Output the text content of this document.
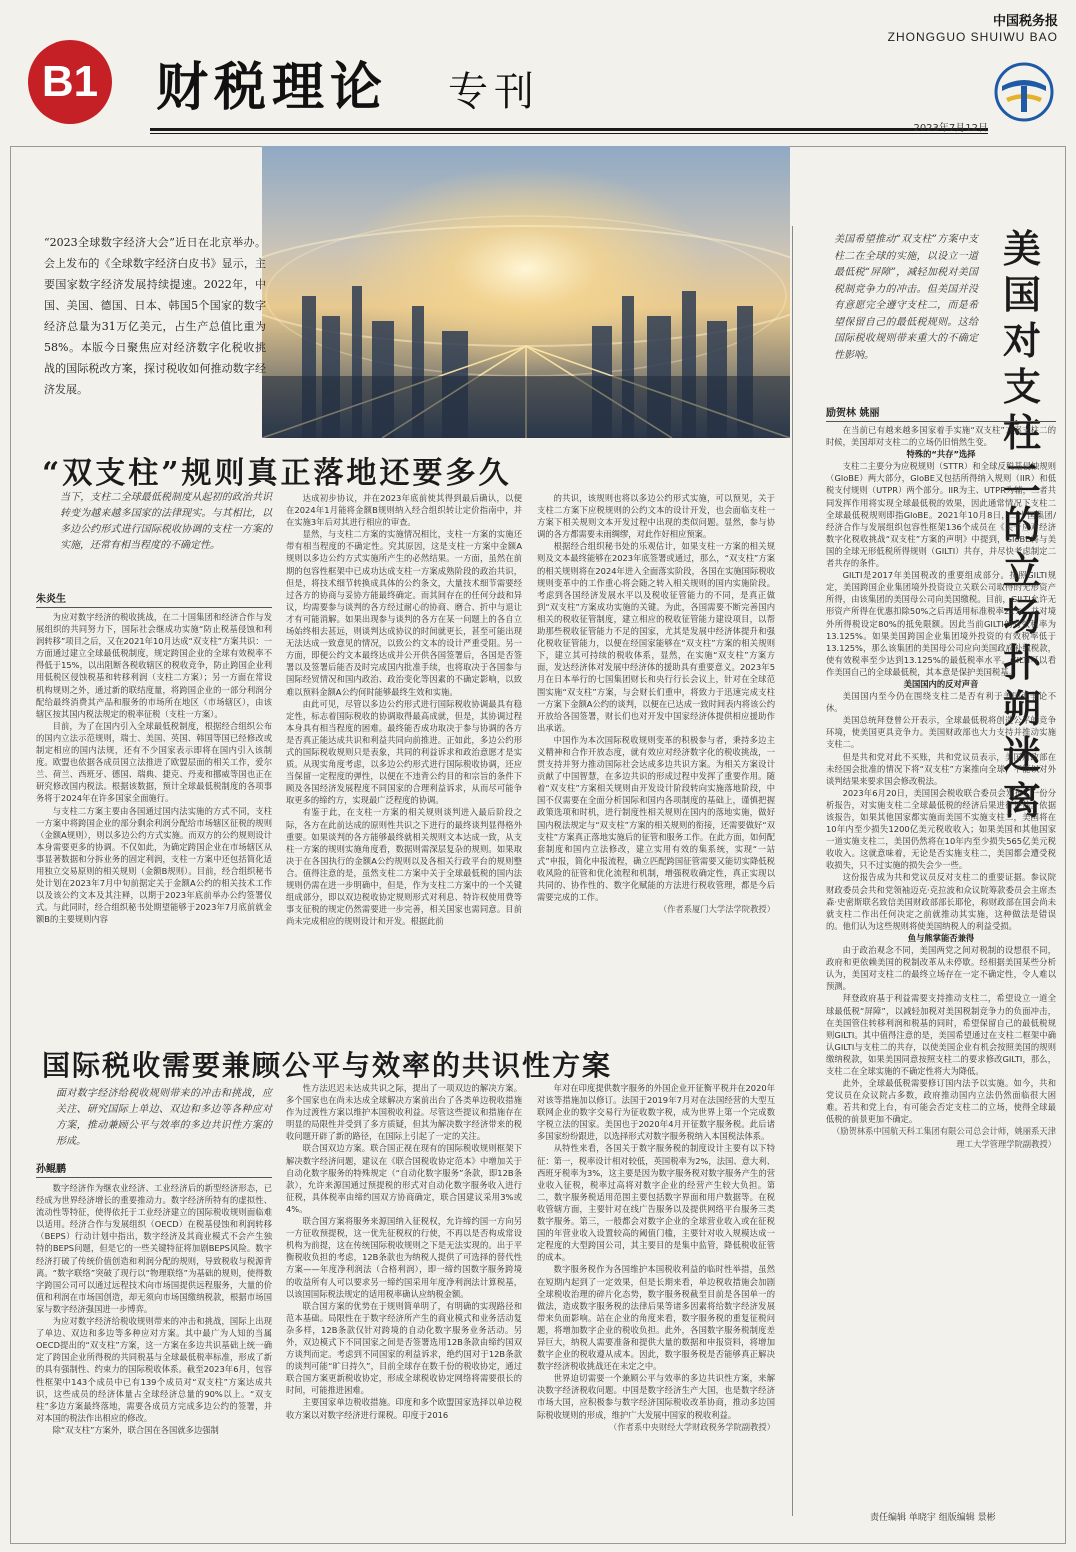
B1 财税理论 专刊
中国税务报
ZHONGGUO SHUIWU BAO
2023年7月12日
“2023全球数字经济大会”近日在北京举办。会上发布的《全球数字经济白皮书》显示，主要国家数字经济发展持续提速。2022年，中国、美国、德国、日本、韩国5个国家的数字经济总量为31万亿美元，占生产总值比重为58%。本版今日聚焦应对经济数字化税收挑战的国际税改方案，探讨税收如何推动数字经济发展。
“双支柱”规则真正落地还要多久
当下，支柱二全球最低税制度从起初的政治共识转变为越来越多国家的法律现实。与其相比，以多边公约形式进行国际税收协调的支柱一方案的实施，还常有相当程度的不确定性。
朱炎生

为应对数字经济的税收挑战，在二十国集团和经济合作与发展组织的共同努力下，国际社会继成功实施“防止税基侵蚀和利润转移”项目之后，又在2021年10月达成“双支柱”方案共识：一方面通过建立全球最低税制度，规定跨国企业的全球有效税率不得低于15%，以出阻断各税收辖区的税收竞争，防止跨国企业利用低税区侵蚀税基和转移利润（支柱二方案）；另一方面在常设机构规则之外，通过新的联结度量，将跨国企业的一部分利润分配给最终消费其产品和服务的市场所在地区（市场辖区），由该辖区按其国内税法规定的税率征税（支柱一方案）。

目前，为了在国内引入全球最低税制度，根据经合组织公布的国内立法示范规则，瑞士、美国、英国、韩国等国已经修改或制定相应的国内法规，还有不少国家表示即将在国内引入该制度。欧盟也依据各成员国立法推进了欧盟层面的相关工作，爱尔兰、荷兰、西班牙、德国、瑞典、捷克、丹麦和挪威等国也正在研究修改国内税法。根据该数据，预计全球最低税制度的各项事务将于2024年在许多国家全面施行。

与支柱二方案主要由各国通过国内法实施的方式不同，支柱一方案中将跨国企业的部分剩余利润分配给市场辖区征税的规则（金额A规则），则以多边公约方式实施。而双方的公约规则设计本身需要更多的协调。不仅如此，为确定跨国企业在市场辖区从事显著数据和分拆业务的固定利润，支柱一方案中还包括简化适用独立交易原则的相关规则（金额B规则）。目前，经合组织秘书处计划在2023年7月中旬前据定关于金额A公约的相关技术工作以及该公约文本及其注释，以期于2023年底前举办公约签署仪式。与此同时，经合组织秘书处期望能够于2023年7月底前就金额B的主要规则内容

达成初步协议，并在2023年底前使其得到最后确认，以便在2024年1月能将金额B规则纳入经合组织转让定价指南中，并在实施3年后对其进行相应的审查。

显然，与支柱二方案的实施情况相比，支柱一方案的实施还带有相当程度的不确定性。究其原因，这是支柱一方案中金额A规则以多边公约方式实施所产生的必然结果。一方面，虽然在前期的包容性框架中已成功达成支柱一方案成熟阶段的政治共识，但是，将技术细节转换成具体的公约条文，大量技术细节需要经过各方的协商与妥协方能最终确定。而其间存在的任何分歧和异议，均需要参与谈判的各方经过耐心的协商、磨合、折中与退让才有可能消解。如果出现参与谈判的各方在某一问题上的各自立场始终相去甚远，则谈判达成协议的时间就更长，甚至可能出现无法达成一致意见的情况，以致公约文本的设计严重受阻。另一方面，即便公约文本最终达成并公开供各国签署后，各国是否签署以及签署后能否及时完成国内批准手续，也将取决于各国参与国际经贸情况和国内政治、政治变化等因素的不确定影响，以致难以预料金额A公约何时能够最终生效和实施。

由此可见，尽管以多边公约形式进行国际税收协调最具有稳定性，标志着国际税收的协调取得最高成就，但是，其协调过程本身具有相当程度的困难。最终能否成功取决于参与协调的各方是否真正能达成共识和利益共同向前推进。正如此，多边公约形式的国际税收规则只是表象，共同的利益诉求和政治意愿才是实质。从现实角度考虑，以多边公约形式进行国际税收协调，还应当保留一定程度的弹性，以便在不违背公约目的和宗旨的条件下顾及各国经济发展程度不同国家的合理利益诉求，从而尽可能争取更多的缔约方，实现最广泛程度的协调。

有鉴于此，在支柱一方案的相关规则谈判进入最后阶段之际，各方在此前达成的原则性共识之下进行的最终谈判显得格外重要。如果谈判的各方能够最终就相关规则文本达成一致，从支柱一方案的规则实施角度看，数据则需深层复杂的规则。如果取决于在各国执行的金额A公约规则以及各相关行政平台的规则整合。值得注意的是，虽然支柱二方案中关于全球最低税的国内法规则仍需在进一步明确中，但是，作为支柱二方案中的一个关键组成部分，即以双边税收协定规则形式对利息、特许权使用费等事支征税的规定仍然需要进一步完善，相关国家也需同意。目前尚未完成相应的规则设计和开发。根据此前

的共识，该规则也将以多边公约形式实施，可以预见，关于支柱二方案下应税规则的公约文本的设计开发，也会面临支柱一方案下相关规则文本开发过程中出现的类似问题。显然，参与协调的各方都需要未雨绸缪，对此作好相应预案。

根据经合组织秘书处的乐观估计，如果支柱一方案的相关规则及文本最终能够在2023年底签署或通过，那么，“双支柱”方案的相关规则将在2024年进入全面落实阶段，各国在实施国际税收规则变革中的工作重心将会随之转入相关规则的国内实施阶段。考虑到各国经济发展水平以及税收征管能力的不同，是真正做到“双支柱”方案成功实施的关键。为此，各国需要不断完善国内相关的税收征管制度，建立相应的税收征管能力建设项目，以帮助那些税收征管能力不足的国家，尤其是发展中经济体提升和强化税收征管能力，以便在经国家能够在“双支柱”方案的相关规则下，建立其可持续的税收体系，显然，在实施“双支柱”方案方面，发达经济体对发展中经济体的援助具有重要意义。2023年5月在日本举行的七国集团财长和央行行长会议上，针对在全球范围实施“双支柱”方案，与会财长们重申，将致力于迅速完成支柱一方案下金额A公约的谈判，以便在已达成一致时间表内将该公约开放给各国签署，财长们也对开发中国家经济体提供相应援助作出承诺。

中国作为本次国际税收规则变革的积极参与者，秉持多边主义精神和合作开放态度，就有效应对经济数字化的税收挑战，一贯支持并努力推动国际社会达成多边共识方案。为相关方案设计贡献了中国智慧，在多边共识的形成过程中发挥了重要作用。随着“双支柱”方案相关规则由开发设计阶段转向实施落地阶段，中国不仅需要在全面分析国际和国内各项制度的基础上，谨慎把握政策选项和时机，进行制度性相关规则在国内的落地实施，做好国内税法规定与“双支柱”方案的相关规则的衔接，还需要做好“双支柱”方案真正落地实施后的征管和服务工作。在此方面，如何配套制度和国内立法修改，建立实用有效的集系统，实现“一站式”申报，简化申报流程，确立匹配跨国征管需要又能切实降低税收风险的征管和优化流程和机制，增强税收确定性，真正实现以共同的、协作性的、数字化赋能的方法进行税收管理，都是今后需要完成的工作。

（作者系厦门大学法学院教授）

国际税收需要兼顾公平与效率的共识性方案
面对数字经济给税收规则带来的冲击和挑战，应关注、研究国际上单边、双边和多边等各种应对方案，推动兼顾公平与效率的多边共识性方案的形成。
孙鲲鹏

数字经济作为继农业经济、工业经济后的新型经济形态，已经成为世界经济增长的重要推动力。数字经济所特有的虚拟性、流动性等特征，使得依托于工业经济建立的国际税收规则面临难以适用。经济合作与发展组织（OECD）在税基侵蚀和利润转移（BEPS）行动计划中指出，数字经济及其商业模式不会产生独特的BEPS问题，但是它的一些关键特征将加剧BEPS风险。数字经济打破了传统价值创造和利润分配的规则，导致税收与税源背离。“数字联络”突破了现行以“物理联络”为基础的规则，使得数字跨国公司可以通过远程技术向市场国提供远程服务，大量的价值和利润在市场国创造，却无须向市场国缴纳税款，根据市场国家与数字经济强国进一步博弈。

为应对数字经济给税收规则带来的冲击和挑战，国际上出现了单边、双边和多边等多种应对方案。其中最广为人知的当属OECD提出的“双支柱”方案，这一方案在多边共识基础上统一确定了跨国企业所得税的共同税基与全球最低税率标准，形成了新的具有强制性、约束力的国际税收体系。截至2023年6月，包容性框架中143个成员中已有139个成员对“双支柱”方案达成共识，这些成员的经济体量占全球经济总量的90%以上。“双支柱”多边方案最终落地，需要各成员方完成多边公约的签署，并对本国的税法作出相应的修改。

除“双支柱”方案外，联合国在各国就多边强制

性方法迟迟未达成共识之际，提出了一项双边的解决方案。多个国家也在尚未达成全球解决方案前出台了各类单边税收措施作为过渡性方案以维护本国税收利益。尽管这些提议和措施存在明显的局限性并受到了多方质疑，但其为解决数字经济带来的税收问题开辟了新的路径，在国际上引起了一定的关注。

联合国双边方案。联合国正视在现有的国际税收规则框架下解决数字经济问题，建议在《联合国税收协定范本》中增加关于自动化数字服务的特殊规定（“自动化数字服务”条款，即12B条款），允许来源国通过预提税的形式对自动化数字服务收入进行征税，具体税率由缔约国双方协商确定，联合国建议采用3%或4%。

联合国方案将服务来源国纳入征税权，允许缔约国一方向另一方征收预提税，这一优先征税权的行使，不再以是否构成常设机构为前提，这在传统国际税收规则之下是无法实现的。出于平衡税收负担的考虑，12B条款也为纳税人提供了可选择的替代性方案——年度净利润法（合格利润），即一缔约国数字服务跨境的收益所有人可以要求另一缔约国采用年度净利润法计算税基，以该国国际税法规定的适用税率确认应纳税金额。

联合国方案的优势在于规则简单明了，有明确的实现路径和范本基础。局限性在于数字经济所产生的商业模式和业务活动复杂多样，12B条款仅针对跨境的自动化数字服务业务活动。另外，双边模式下不同国家之间是否签署选用12B条款由缔约国双方谈判而定。考虑到不同国家的利益诉求，绝约国对于12B条款的谈判可能“旷日持久”，目前全球存在数千份的税收协定，通过联合国方案更新税收协定，形成全球税收协定网络将需要很长的时间，可能推进困难。

主要国家单边税收措施。印度和多个欧盟国家选择以单边税收方案以对数字经济进行课税。印度于2016

年对在印度提供数字服务的外国企业开征衡平税并在2020年对该等措施加以修订。法国于2019年7月对在法国经营的大型互联网企业的数字交易行为征收数字税，成为世界上第一个完成数字税立法的国家。美国也于2020年4月开征数字服务税。此后诸多国家纷纷跟进，以选择形式对数字服务税纳入本国税法体系。

从特性来看，各国关于数字服务税的制度设计主要有以下特征：第一，税率设计相对较低，英国税率为2%，法国、意大利、西班牙税率为3%，这主要是因为数字服务税对数字服务产生的营业收入征税，税率过高将对数字企业的经营产生较大负担。第二，数字服务税适用范围主要包括数字界面和用户数据等。在税收管辖方面，主要针对在线广告服务以及提供网络平台服务三类数字服务。第三，一般都会对数字企业的全球营业收入或在征税国的年营业收入设置较高的阈值门槛，主要针对收入规模达成一定程度的大型跨国公司，其主要目的是集中监管，降低税收征管的成本。

数字服务税作为各国维护本国税收利益的临时性举措，虽然在短期内起到了一定效果，但是长期来看，单边税收措施会加剧全球税收治理的碎片化态势，数字服务税截至目前是各国单一的做法，造成数字服务税的法律后果等诸多因素将给数字经济发展带来负面影响。站在企业的角度来看，数字服务税的重复征税问题，将增加数字企业的税收负担。此外，各国数字服务税制度差异巨大，纳税人需要准备和提供大量的数据和申报资料，将增加数字企业的税收遵从成本。因此，数字服务税是否能够真正解决数字经济税收挑战还在未定之中。

世界迫切需要一个兼顾公平与效率的多边共识性方案，来解决数字经济税收问题。中国是数字经济生产大国，也是数字经济市场大国，应积极参与数字经济国际税收改革协商，推动多边国际税收规则的形成，维护广大发展中国家的税收利益。

（作者系中央财经大学财政税务学院副教授）

美国希望推动“双支柱”方案中支柱二在全球的实施，以设立一道最低税“屏障”，减轻加税对美国税制竞争力的冲击。但美国并没有意愿完全遵守支柱二，而是希望保留自己的最低税规则。这给国际税收规则带来重大的不确定性影响。
美国对支柱二的立场扑朔迷离
励贺林 姚丽

在当前已有越来越多国家着手实施“双支柱”方案支柱二的时候，美国却对支柱二的立场仍旧悄然生变。

特殊的“共存”选择

支柱二主要分为应税规则（STTR）和全球反税基侵蚀规则（GloBE）两大部分，GloBE又包括所得纳入规则（IIR）和低税支付规则（UTPR）两个部分。IIR为主、UTPR为辅，二者共同发挥作用将实现全球最低税的效果，因此通常情况下支柱二全球最低税规则即指GloBE。2021年10月8日，二十国集团/经济合作与发展组织包容性框架136个成员在《关于应对经济数字化税收挑战“双支柱”方案的声明》中提到，GloBE将与美国的全球无形低税所得规则（GILTI）共存，并尽快考虑制定二者共存的条件。

GILTI是2017年美国税改的重要组成部分。按照GILTI规定，美国跨国企业集团境外投资设立关联公司取得的无形资产所得，由该集团的美国母公司向美国缴税。目前，GILTI允许无形资产所得在优惠扣除50%之后再适用标准税率21%，并对境外所得税设定80%的抵免限额。因此当前GILTI的有效税率为13.125%。如果美国跨国企业集团境外投资的有效税率低于13.125%，那么该集团的美国母公司应向美国政府补缴税款，使有效税率至少达到13.125%的最低税率水平。GILTI可以看作美国自己的全球最低税，其本意是保护美国税基。

美国国内的反对声音

美国国内至今仍在围绕支柱二是否有利于美国而争论不休。

美国总统拜登曾公开表示，全球最低税将创造公平的竞争环境，使美国更具竞争力。美国财政部也大力支持并推动实施支柱二。

但是共和党对此不买账，共和党议员表示，美国财政部在未经国会批准的情况下将“双支柱”方案推向全球，不能以对外谈判结果来要求国会修改税法。

2023年6月20日，美国国会税收联合委员会发布了一份分析报告，对实施支柱二全球最低税的经济后果进行评估。依据该报告，如果其他国家都实施而美国不实施支柱二，美国将在10年内至少损失1200亿美元税收收入；如果美国和其他国家一道实施支柱二，美国仍然将在10年内至少损失565亿美元税收收入。这就意味着，无论是否实施支柱二，美国都会遭受税收损失，只不过实施的损失会少一些。

这份报告成为共和党议员反对支柱二的重要证据。参议院财政委员会共和党领袖迈克·克拉波和众议院筹款委员会主席杰森·史密斯联名致信美国财政部部长耶伦，称财政部在国会尚未就支柱二作出任何决定之前就推动其实施，这种做法是错误的。他们认为这些规则将使美国纳税人的利益受损。

鱼与熊掌能否兼得

由于政治观念不同，美国两党之间对税制的设想很不同，政府和更依赖美国的税制改革从未停歇。经相据美国某些分析认为，美国对支柱二的最终立场存在一定不确定性，令人难以预测。

拜登政府基于利益需要支持推动支柱二，希望设立一道全球最低税“屏障”，以减轻加税对美国税制竞争力的负面冲击，在美国管住转移利润和税基的同时，希望保留自己的最低税规则GILTI。其中值得注意的是，美国希望通过在支柱二框架中确认GILTI与支柱二的共存，以使美国企业有机会按照美国的规则缴纳税款，如果美国同意按照支柱二的要求修改GILTI，那么，支柱二在全球实施的不确定性将大为降低。

此外，全球最低税需要修订国内法予以实施。如今，共和党议员在众议院占多数，政府推动国内立法仍然面临很大困难。若共和党上台，有可能会否定支柱二的立场，使得全球最低税的前景更加不确定。

（励贺林系中国航天科工集团有限公司总会计师，姚丽系天津理工大学管理学院副教授）

责任编辑 单晓宇 组版编辑 景彬
